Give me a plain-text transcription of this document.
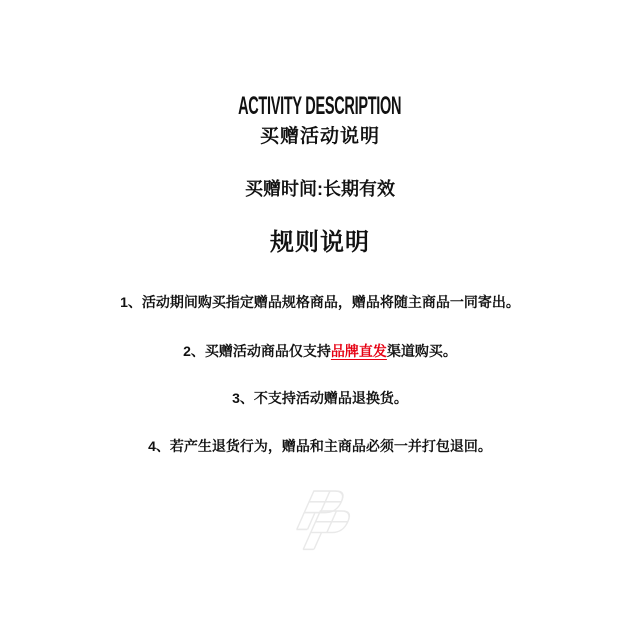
ACTIVITY DESCRIPTION
买赠活动说明

买赠时间:长期有效

规则说明

1、活动期间购买指定赠品规格商品，赠品将随主商品一同寄出。

2、买赠活动商品仅支持品牌直发渠道购买。

3、不支持活动赠品退换货。

4、若产生退货行为，赠品和主商品必须一并打包退回。
